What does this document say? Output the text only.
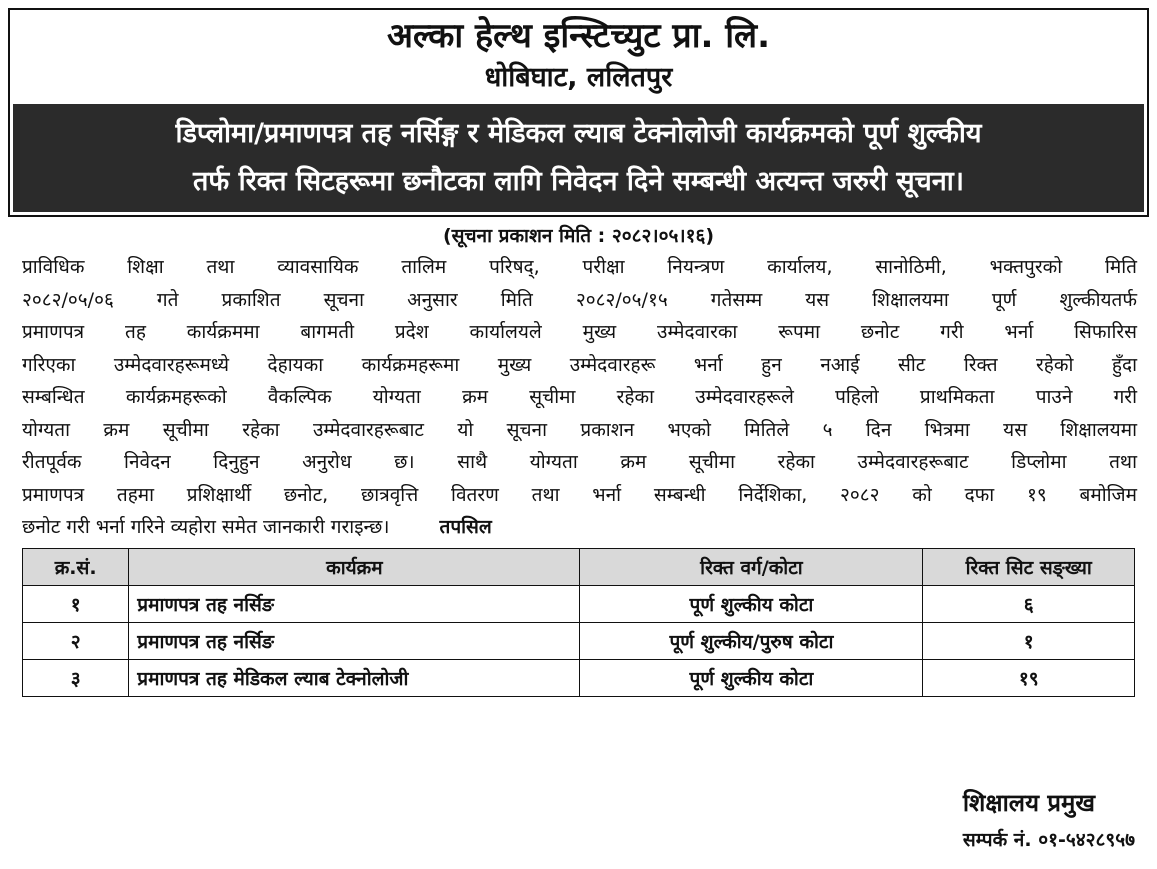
अल्का हेल्थ इन्स्टिच्युट प्रा. लि.
धोबिघाट, ललितपुर
डिप्लोमा/प्रमाणपत्र तह नर्सिङ्ग र मेडिकल ल्याब टेक्नोलोजी कार्यक्रमको पूर्ण शुल्कीय
तर्फ रिक्त सिटहरूमा छनौटका लागि निवेदन दिने सम्बन्धी अत्यन्त जरुरी सूचना।
(सूचना प्रकाशन मिति : २०८२।०५।१६)
प्राविधिक शिक्षा तथा व्यावसायिक तालिम परिषद्, परीक्षा नियन्त्रण कार्यालय, सानोठिमी, भक्तपुरको मिति
२०८२/०५/०६ गते प्रकाशित सूचना अनुसार मिति २०८२/०५/१५ गतेसम्म यस शिक्षालयमा पूर्ण शुल्कीयतर्फ
प्रमाणपत्र तह कार्यक्रममा बागमती प्रदेश कार्यालयले मुख्य उम्मेदवारका रूपमा छनोट गरी भर्ना सिफारिस
गरिएका उम्मेदवारहरूमध्ये देहायका कार्यक्रमहरूमा मुख्य उम्मेदवारहरू भर्ना हुन नआई सीट रिक्त रहेको हुँदा
सम्बन्धित कार्यक्रमहरूको वैकल्पिक योग्यता क्रम सूचीमा रहेका उम्मेदवारहरूले पहिलो प्राथमिकता पाउने गरी
योग्यता क्रम सूचीमा रहेका उम्मेदवारहरूबाट यो सूचना प्रकाशन भएको मितिले ५ दिन भित्रमा यस शिक्षालयमा
रीतपूर्वक निवेदन दिनुहुन अनुरोध छ। साथै योग्यता क्रम सूचीमा रहेका उम्मेदवारहरूबाट डिप्लोमा तथा
प्रमाणपत्र तहमा प्रशिक्षार्थी छनोट, छात्रवृत्ति वितरण तथा भर्ना सम्बन्धी निर्देशिका, २०८२ को दफा १९ बमोजिम
छनोट गरी भर्ना गरिने व्यहोरा समेत जानकारी गराइन्छ।	तपसिल
क्र.सं.	कार्यक्रम	रिक्त वर्ग/कोटा	रिक्त सिट सङ्ख्या
१	प्रमाणपत्र तह नर्सिङ	पूर्ण शुल्कीय कोटा	६
२	प्रमाणपत्र तह नर्सिङ	पूर्ण शुल्कीय/पुरुष कोटा	१
३	प्रमाणपत्र तह मेडिकल ल्याब टेक्नोलोजी	पूर्ण शुल्कीय कोटा	१९
शिक्षालय प्रमुख
सम्पर्क नं. ०१-५४२८९५७
